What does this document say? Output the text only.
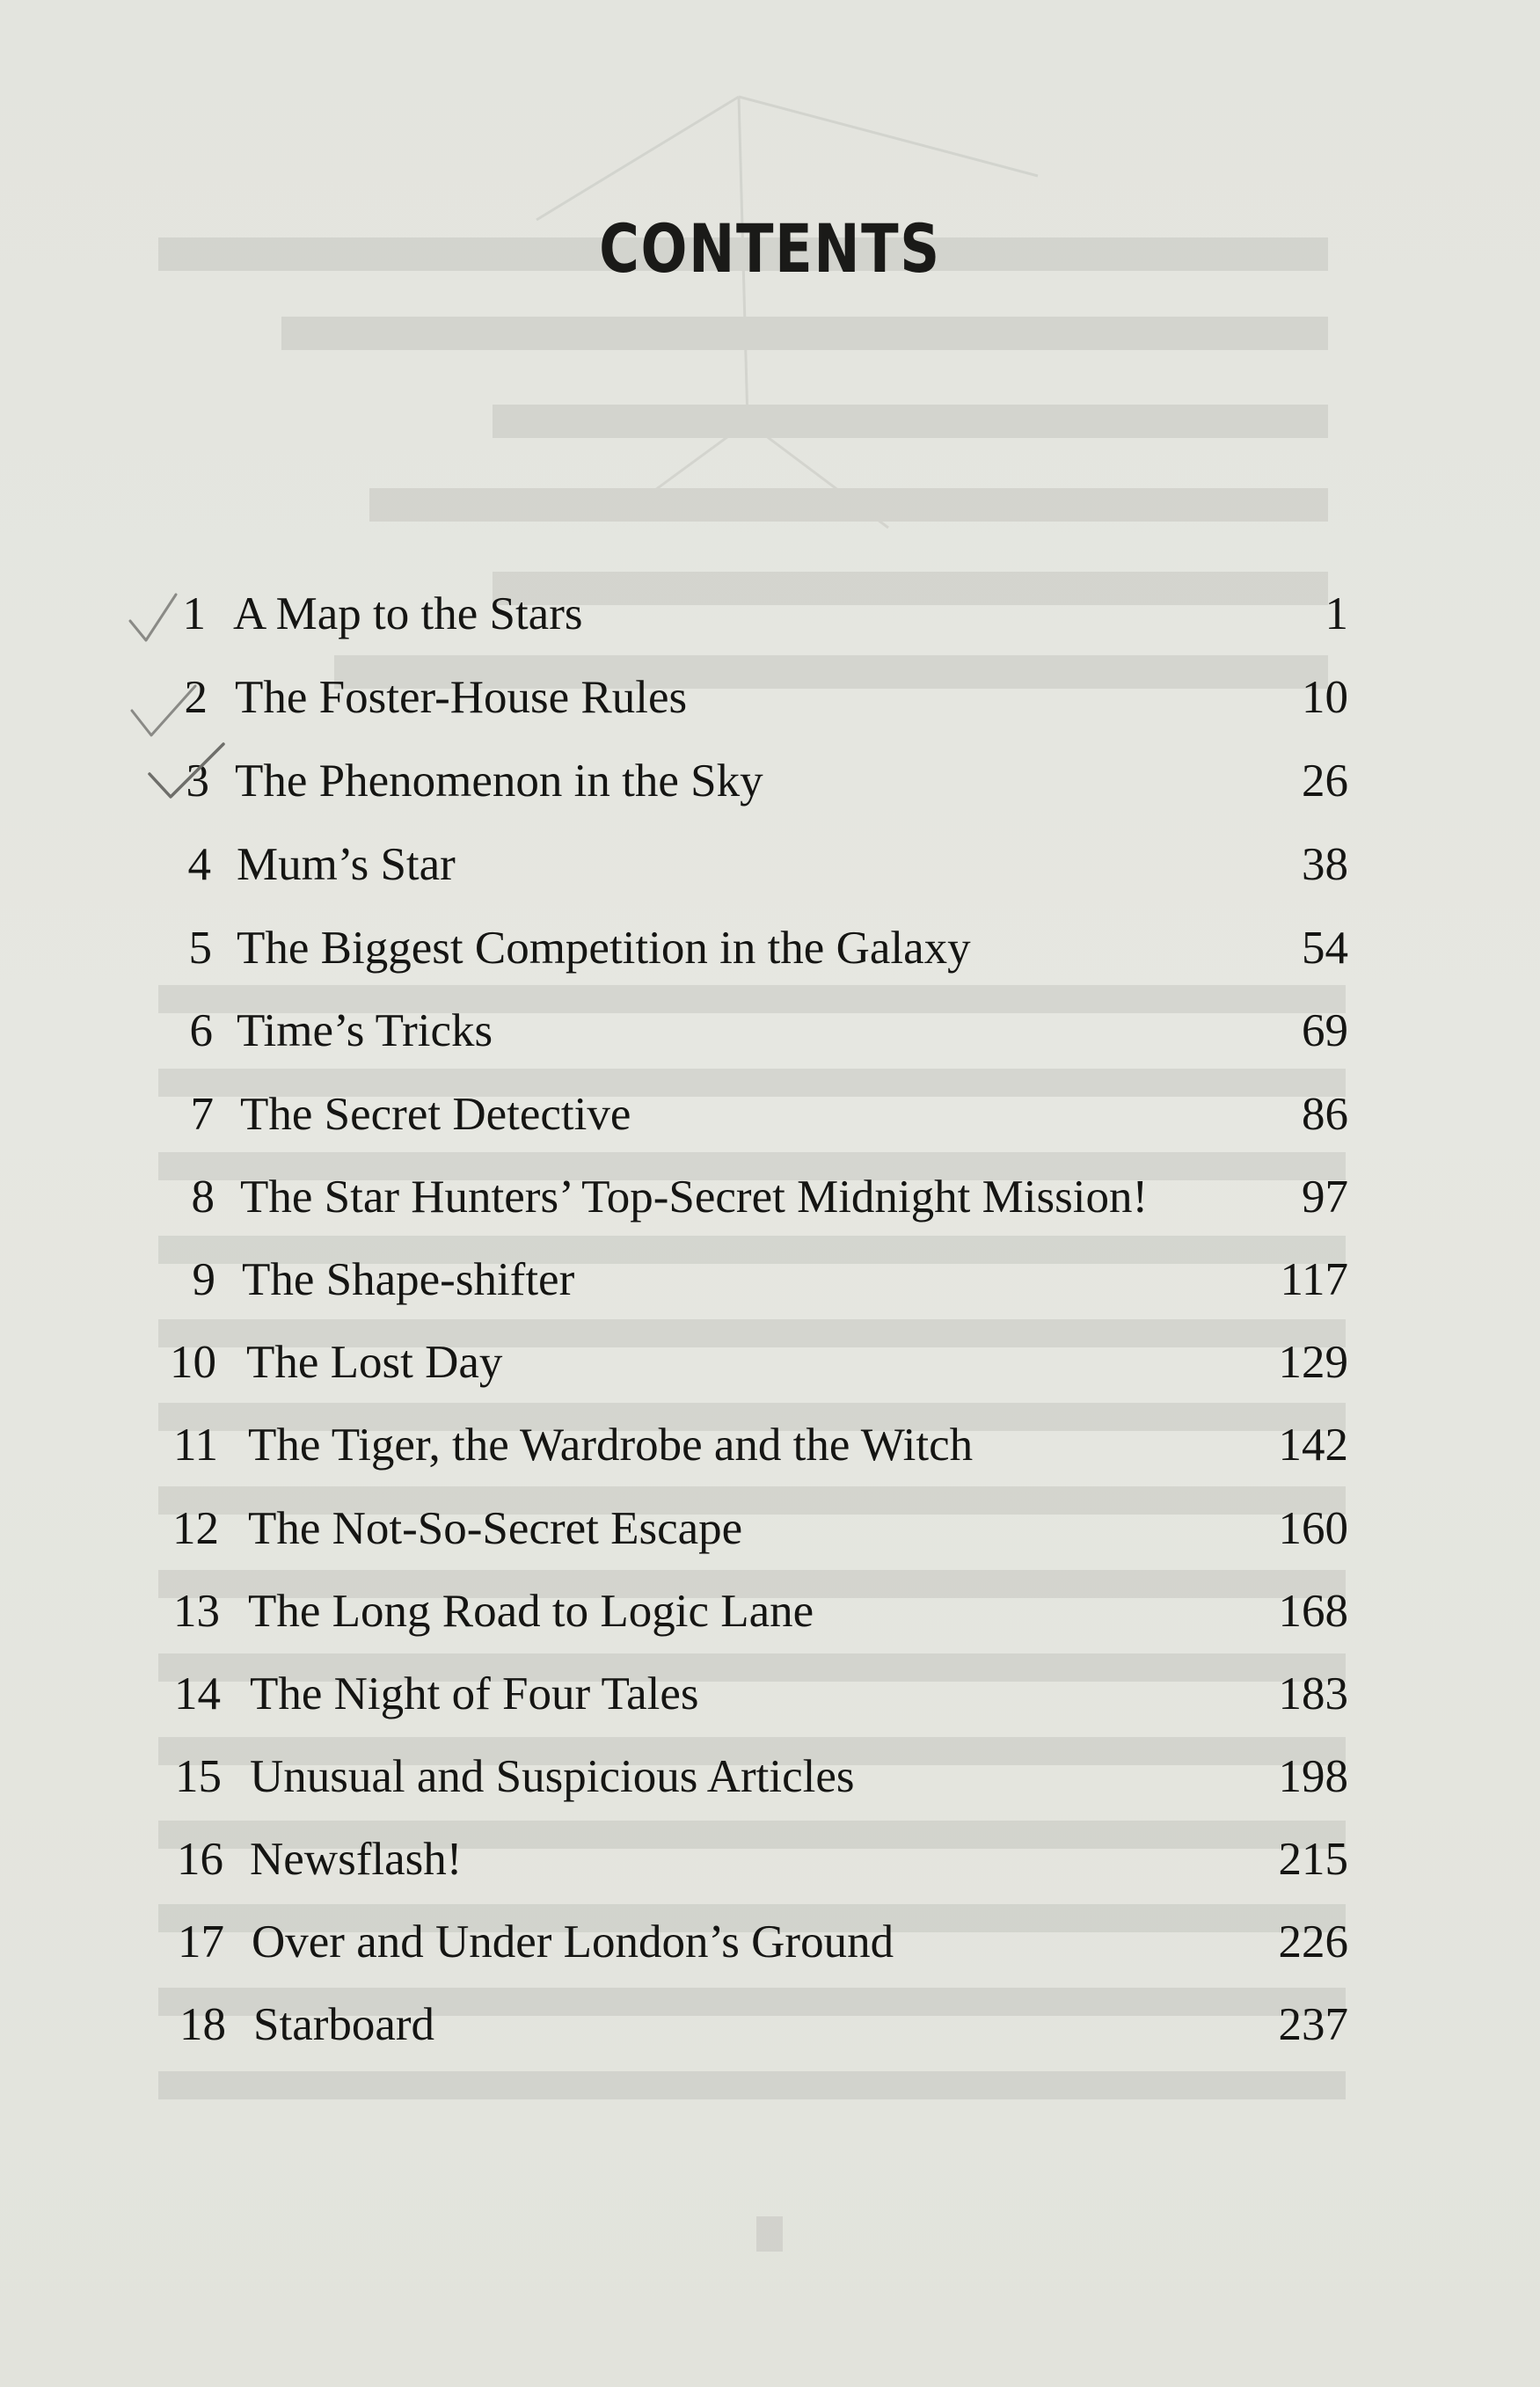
CONTENTS
1 A Map to the Stars	1
2 The Foster-House Rules	10
3 The Phenomenon in the Sky	26
4 Mum’s Star	38
5 The Biggest Competition in the Galaxy	54
6 Time’s Tricks	69
7 The Secret Detective	86
8 The Star Hunters’ Top-Secret Midnight Mission!	97
9 The Shape-shifter	117
10 The Lost Day	129
11 The Tiger, the Wardrobe and the Witch	142
12 The Not-So-Secret Escape	160
13 The Long Road to Logic Lane	168
14 The Night of Four Tales	183
15 Unusual and Suspicious Articles	198
16 Newsflash!	215
17 Over and Under London’s Ground	226
18 Starboard	237
